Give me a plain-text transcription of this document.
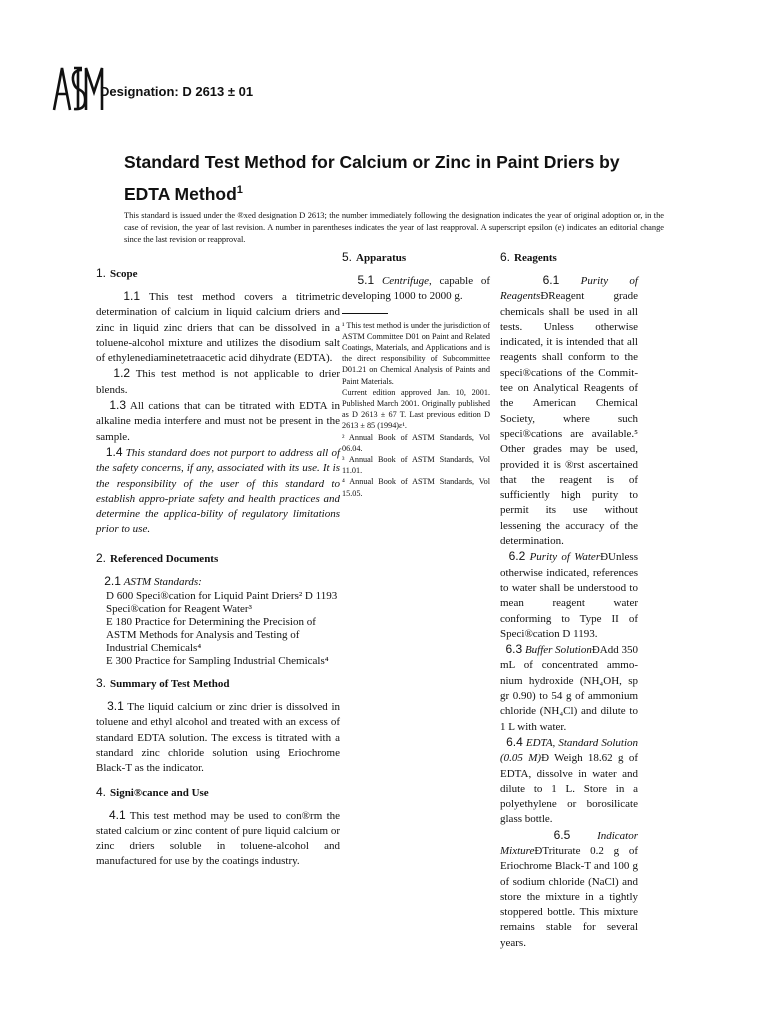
Designation: D 2613 ± 01
Standard Test Method for Calcium or Zinc in Paint Driers by EDTA Method$^1$
This standard is issued under the ®xed designation D 2613; the number immediately following the designation indicates the year of original adoption or, in the case of revision, the year of last revision. A number in parentheses indicates the year of last reapproval. A superscript epsilon (e) indicates an editorial change since the last revision or reapproval.

1. Scope

1.1 This test method covers a titrimetric determination of calcium in liquid calcium driers and zinc in liquid zinc driers that can be dissolved in a toluene-alcohol mixture and utilizes the disodium salt of ethylenediaminetetraacetic acid dihydrate (EDTA).

1.2 This test method is not applicable to drier blends.

1.3 All cations that can be titrated with EDTA in alkaline media interfere and must not be present in the sample.

1.4 This standard does not purport to address all of the safety concerns, if any, associated with its use. It is the responsibility of the user of this standard to establish appro-priate safety and health practices and determine the applica-bility of regulatory limitations prior to use.

2. Referenced Documents

2.1 ASTM Standards:

D 600 Speci®cation for Liquid Paint Driers² D 1193 Speci®cation for Reagent Water³

E 180 Practice for Determining the Precision of ASTM Methods for Analysis and Testing of Industrial Chemicals⁴

E 300 Practice for Sampling Industrial Chemicals⁴

3. Summary of Test Method

3.1 The liquid calcium or zinc drier is dissolved in toluene and ethyl alcohol and treated with an excess of standard EDTA solution. The excess is titrated with a standard zinc chloride solution using Eriochrome Black-T as the indicator.

4. Signi®cance and Use

4.1 This test method may be used to con®rm the stated calcium or zinc content of pure liquid calcium or zinc driers soluble in toluene-alcohol and manufactured for use by the coatings industry.

5. Apparatus

5.1 Centrifuge, capable of developing 1000 to 2000 g.

¹ This test method is under the jurisdiction of ASTM Committee D01 on Paint and Related Coatings, Materials, and Applications and is the direct responsibility of Subcommittee D01.21 on Chemical Analysis of Paints and Paint Materials.

Current edition approved Jan. 10, 2001. Published March 2001. Originally published as D 2613 ± 67 T. Last previous edition D 2613 ± 85 (1994)ε¹.

² Annual Book of ASTM Standards, Vol 06.04.

³ Annual Book of ASTM Standards, Vol 11.01.

⁴ Annual Book of ASTM Standards, Vol 15.05.

6. Reagents

6.1 Purity of ReagentsÐReagent grade chemicals shall be used in all tests. Unless otherwise indicated, it is intended that all reagents shall conform to the speci®cations of the Commit-tee on Analytical Reagents of the American Chemical Society, where such speci®cations are available.⁵ Other grades may be used, provided it is ®rst ascertained that the reagent is of sufficiently high purity to permit its use without lessening the accuracy of the determination.

6.2 Purity of WaterÐUnless otherwise indicated, references to water shall be understood to mean reagent water conforming to Type II of Speci®cation D 1193.

6.3 Buffer SolutionÐAdd 350 mL of concentrated ammo-nium hydroxide (NH₄OH, sp gr 0.90) to 54 g of ammonium chloride (NH₄Cl) and dilute to 1 L with water.

6.4 EDTA, Standard Solution (0.05 M)Ð Weigh 18.62 g of EDTA, dissolve in water and dilute to 1 L. Store in a polyethylene or borosilicate glass bottle.

6.5 Indicator MixtureÐTriturate 0.2 g of Eriochrome Black-T and 100 g of sodium chloride (NaCl) and store the mixture in a tightly stoppered bottle. This mixture remains stable for several years.
